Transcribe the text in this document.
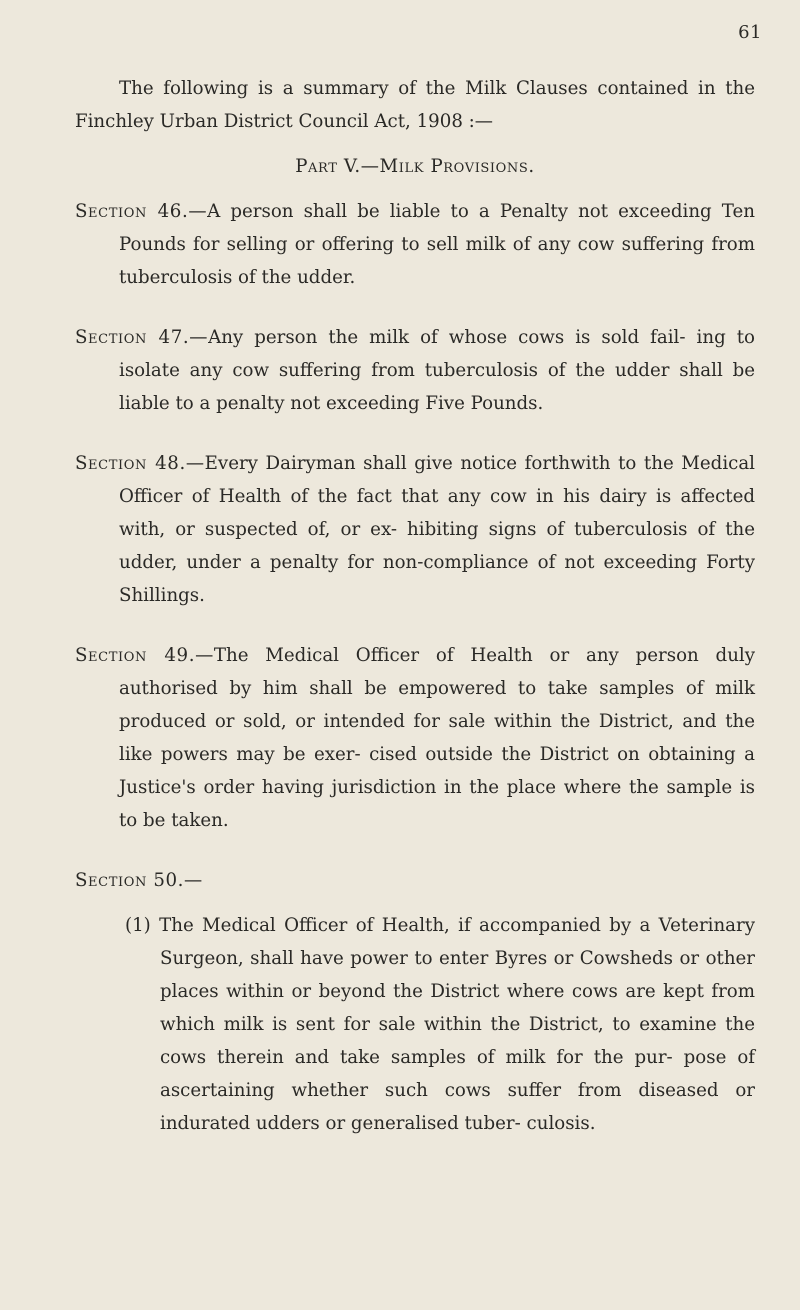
61

The following is a summary of the Milk Clauses contained in the Finchley Urban District Council Act, 1908 :—

Part V.—Milk Provisions.

Section 46.—A person shall be liable to a Penalty not exceeding Ten Pounds for selling or offering to sell milk of any cow suffering from tuberculosis of the udder.

Section 47.—Any person the milk of whose cows is sold fail- ing to isolate any cow suffering from tuberculosis of the udder shall be liable to a penalty not exceeding Five Pounds.

Section 48.—Every Dairyman shall give notice forthwith to the Medical Officer of Health of the fact that any cow in his dairy is affected with, or suspected of, or ex- hibiting signs of tuberculosis of the udder, under a penalty for non-compliance of not exceeding Forty Shillings.

Section 49.—The Medical Officer of Health or any person duly authorised by him shall be empowered to take samples of milk produced or sold, or intended for sale within the District, and the like powers may be exer- cised outside the District on obtaining a Justice's order having jurisdiction in the place where the sample is to be taken.

Section 50.—

(1) The Medical Officer of Health, if accompanied by a Veterinary Surgeon, shall have power to enter Byres or Cowsheds or other places within or beyond the District where cows are kept from which milk is sent for sale within the District, to examine the cows therein and take samples of milk for the pur- pose of ascertaining whether such cows suffer from diseased or indurated udders or generalised tuber- culosis.
